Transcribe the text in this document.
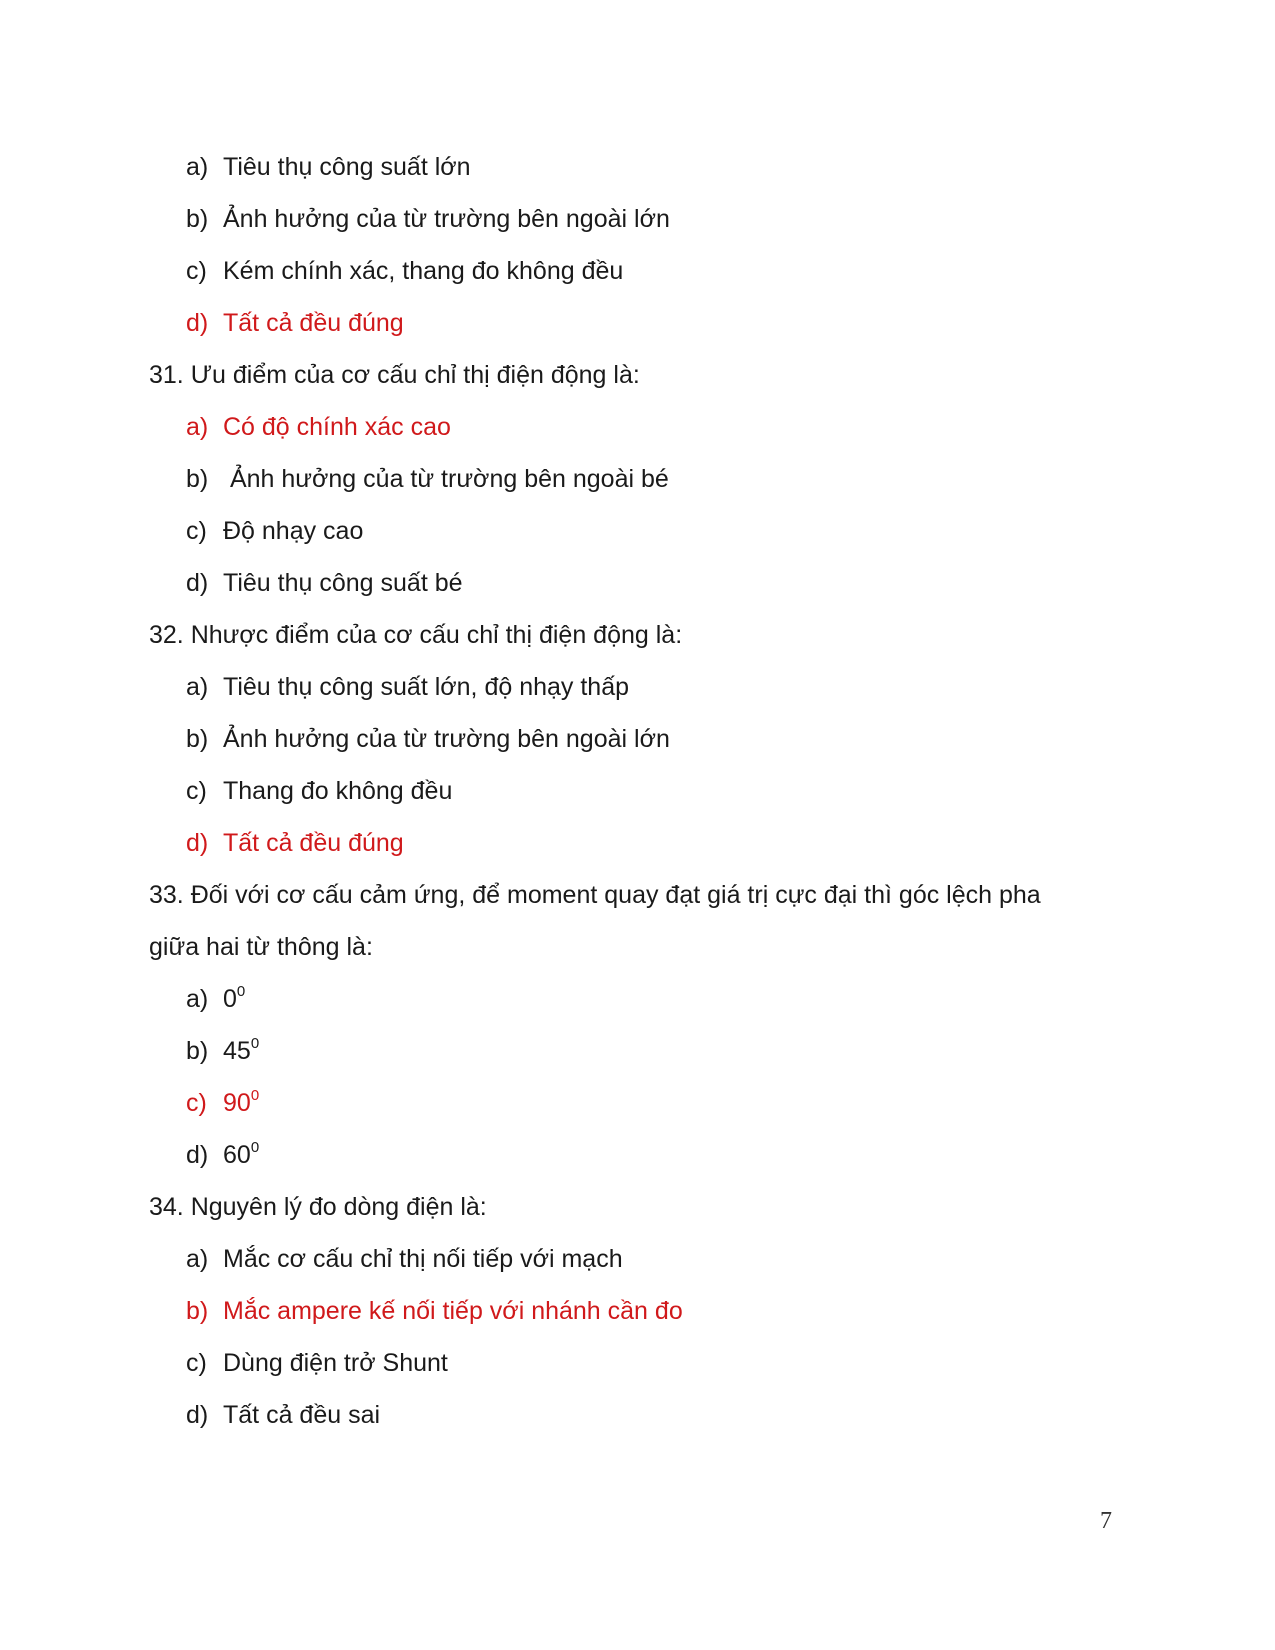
a) Tiêu thụ công suất lớn
b) Ảnh hưởng của từ trường bên ngoài lớn
c) Kém chính xác, thang đo không đều
d) Tất cả đều đúng
31. Ưu điểm của cơ cấu chỉ thị điện động là:
a) Có độ chính xác cao
b) Ảnh hưởng của từ trường bên ngoài bé
c) Độ nhạy cao
d) Tiêu thụ công suất bé
32. Nhược điểm của cơ cấu chỉ thị điện động là:
a) Tiêu thụ công suất lớn, độ nhạy thấp
b) Ảnh hưởng của từ trường bên ngoài lớn
c) Thang đo không đều
d) Tất cả đều đúng
33. Đối với cơ cấu cảm ứng, để moment quay đạt giá trị cực đại thì góc lệch pha
giữa hai từ thông là:
a) $0^0$
b) $45^0$
c) $90^0$
d) $60^0$
34. Nguyên lý đo dòng điện là:
a) Mắc cơ cấu chỉ thị nối tiếp với mạch
b) Mắc ampere kế nối tiếp với nhánh cần đo
c) Dùng điện trở Shunt
d) Tất cả đều sai
7
